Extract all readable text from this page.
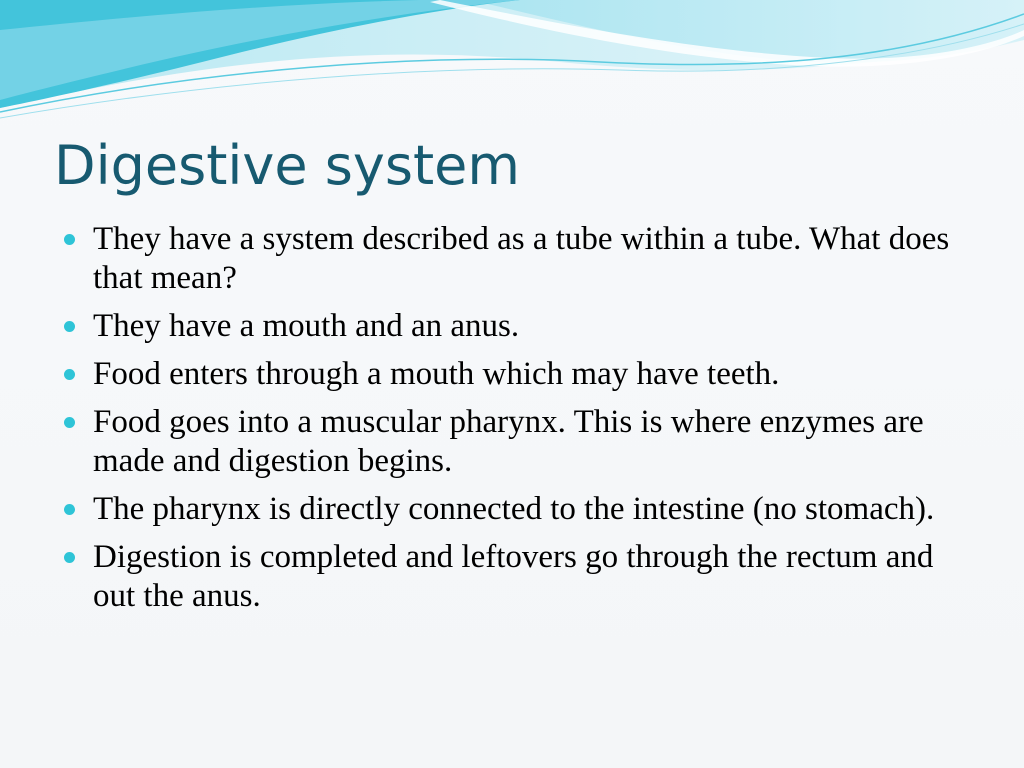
Digestive system
They have a system described as a tube within a tube. What does that mean?
They have a mouth and an anus.
Food enters through a mouth which may have teeth.
Food goes into a muscular pharynx. This is where enzymes are made and digestion begins.
The pharynx is directly connected to the intestine (no stomach).
Digestion is completed and leftovers go through the rectum and out the anus.
